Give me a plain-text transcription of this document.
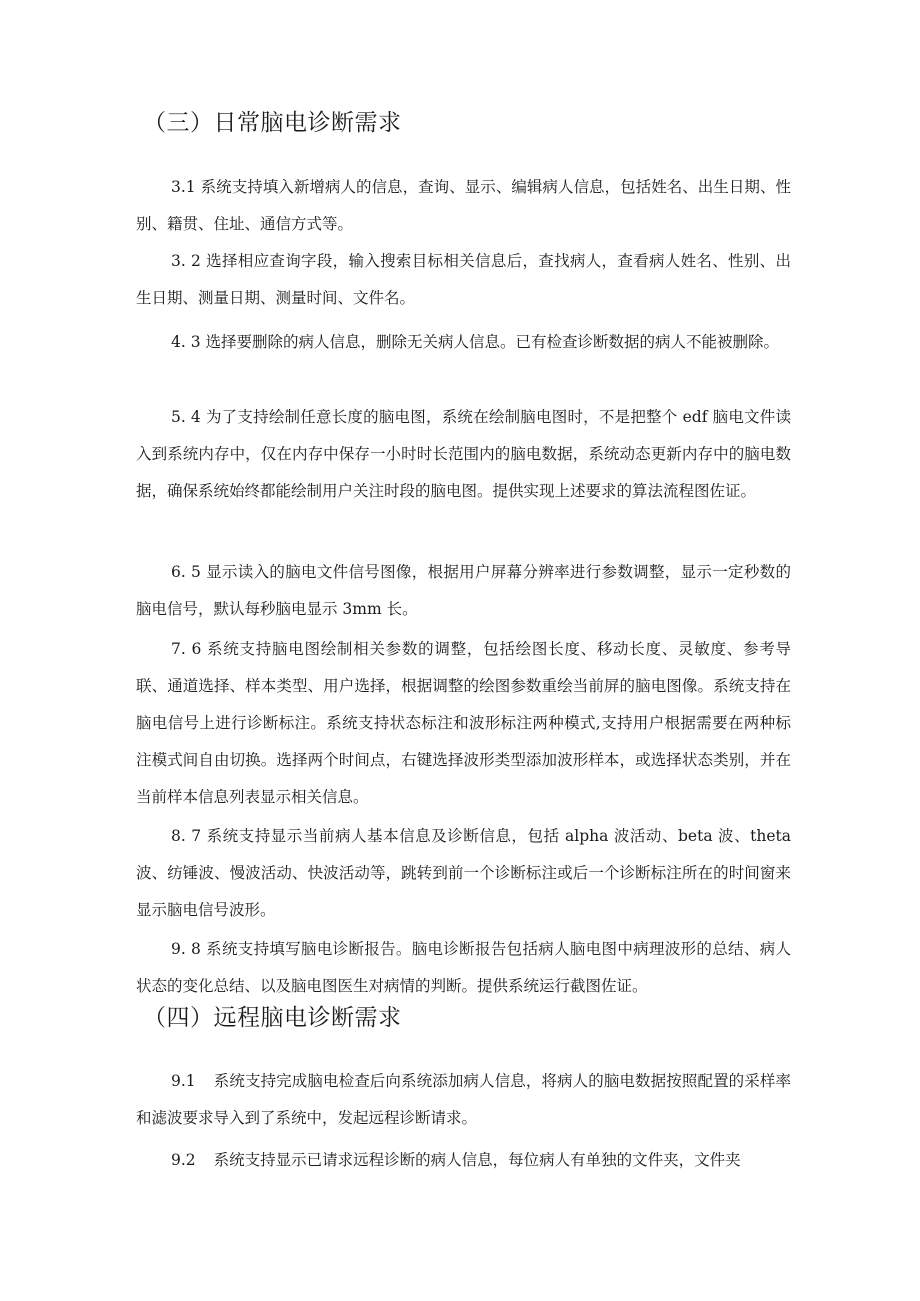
（三）日常脑电诊断需求

3.1 系统支持填入新增病人的信息，查询、显示、编辑病人信息，包括姓名、出生日期、性别、籍贯、住址、通信方式等。

3. 2 选择相应查询字段，输入搜索目标相关信息后，查找病人，查看病人姓名、性别、出生日期、测量日期、测量时间、文件名。

4. 3 选择要删除的病人信息，删除无关病人信息。已有检查诊断数据的病人不能被删除。

5. 4 为了支持绘制任意长度的脑电图，系统在绘制脑电图时，不是把整个 edf 脑电文件读入到系统内存中，仅在内存中保存一小时时长范围内的脑电数据，系统动态更新内存中的脑电数据，确保系统始终都能绘制用户关注时段的脑电图。提供实现上述要求的算法流程图佐证。

6. 5 显示读入的脑电文件信号图像，根据用户屏幕分辨率进行参数调整，显示一定秒数的脑电信号，默认每秒脑电显示 3mm 长。

7. 6 系统支持脑电图绘制相关参数的调整，包括绘图长度、移动长度、灵敏度、参考导联、通道选择、样本类型、用户选择，根据调整的绘图参数重绘当前屏的脑电图像。系统支持在脑电信号上进行诊断标注。系统支持状态标注和波形标注两种模式,支持用户根据需要在两种标注模式间自由切换。选择两个时间点，右键选择波形类型添加波形样本，或选择状态类别，并在当前样本信息列表显示相关信息。

8. 7 系统支持显示当前病人基本信息及诊断信息，包括 alpha 波活动、beta 波、theta 波、纺锤波、慢波活动、快波活动等，跳转到前一个诊断标注或后一个诊断标注所在的时间窗来显示脑电信号波形。

9. 8 系统支持填写脑电诊断报告。脑电诊断报告包括病人脑电图中病理波形的总结、病人状态的变化总结、以及脑电图医生对病情的判断。提供系统运行截图佐证。

（四）远程脑电诊断需求

9.1 系统支持完成脑电检查后向系统添加病人信息，将病人的脑电数据按照配置的采样率和滤波要求导入到了系统中，发起远程诊断请求。

9.2 系统支持显示已请求远程诊断的病人信息，每位病人有单独的文件夹，文件夹
